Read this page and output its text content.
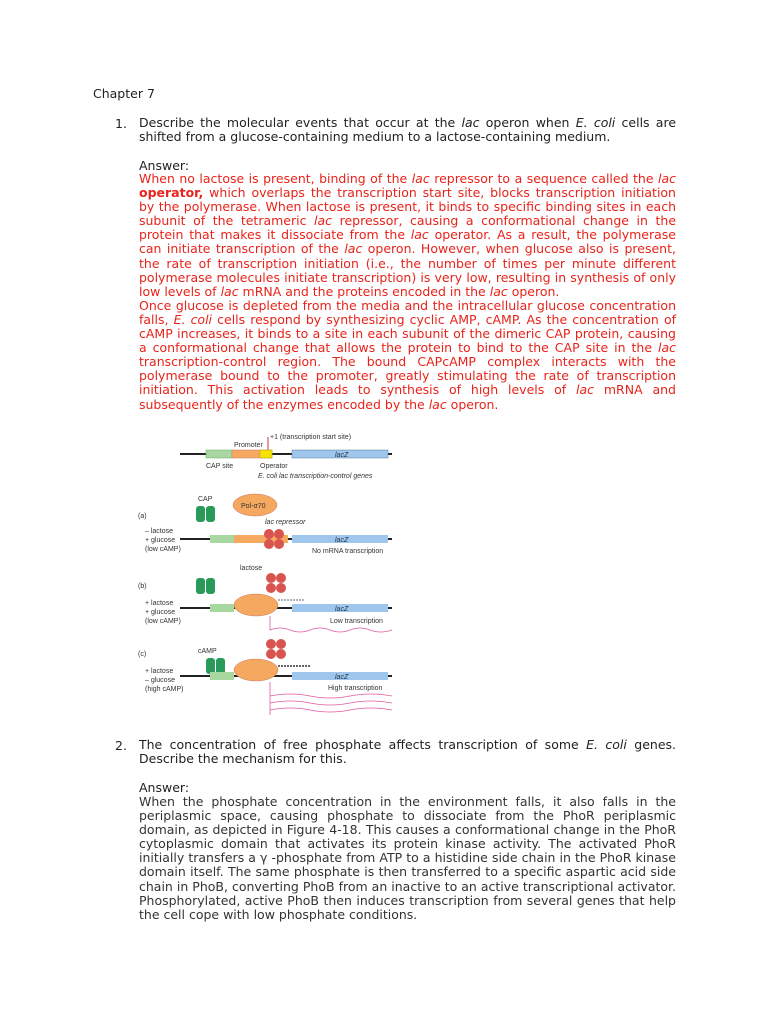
Chapter 7
1. Describe the molecular events that occur at the lac operon when E. coli cells are shifted from a glucose-containing medium to a lactose-containing medium.
Answer:

When no lactose is present, binding of the lac repressor to a sequence called the lac operator, which overlaps the transcription start site, blocks transcription initiation by the polymerase. When lactose is present, it binds to specific binding sites in each subunit of the tetrameric lac repressor, causing a conformational change in the protein that makes it dissociate from the lac operator. As a result, the polymerase can initiate transcription of the lac operon. However, when glucose also is present, the rate of transcription initiation (i.e., the number of times per minute different polymerase molecules initiate transcription) is very low, resulting in synthesis of only low levels of lac mRNA and the proteins encoded in the lac operon.

Once glucose is depleted from the media and the intracellular glucose concentration falls, E. coli cells respond by synthesizing cyclic AMP, cAMP. As the concentration of cAMP increases, it binds to a site in each subunit of the dimeric CAP protein, causing a conformational change that allows the protein to bind to the CAP site in the lac transcription-control region. The bound CAPcAMP complex interacts with the polymerase bound to the promoter, greatly stimulating the rate of transcription initiation. This activation leads to synthesis of high levels of lac mRNA and subsequently of the enzymes encoded by the lac operon.

+1 (transcription start site)
Promoter
lacZ
CAP site	Operator
E. coli lac transcription-control genes
(a)
CAP
Pol-σ70
lac repressor
– lactose
+ glucose
(low cAMP)
lacZ
No mRNA transcription
lactose
(b)
+ lactose
+ glucose
(low cAMP)
lacZ
Low transcription
(c)	cAMP
+ lactose
– glucose
(high cAMP)
lacZ
High transcription
2. The concentration of free phosphate affects transcription of some E. coli genes. Describe the mechanism for this.
Answer:
When the phosphate concentration in the environment falls, it also falls in the periplasmic space, causing phosphate to dissociate from the PhoR periplasmic domain, as depicted in Figure 4-18. This causes a conformational change in the PhoR cytoplasmic domain that activates its protein kinase activity. The activated PhoR initially transfers a γ -phosphate from ATP to a histidine side chain in the PhoR kinase domain itself. The same phosphate is then transferred to a specific aspartic acid side chain in PhoB, converting PhoB from an inactive to an active transcriptional activator. Phosphorylated, active PhoB then induces transcription from several genes that help the cell cope with low phosphate conditions.
